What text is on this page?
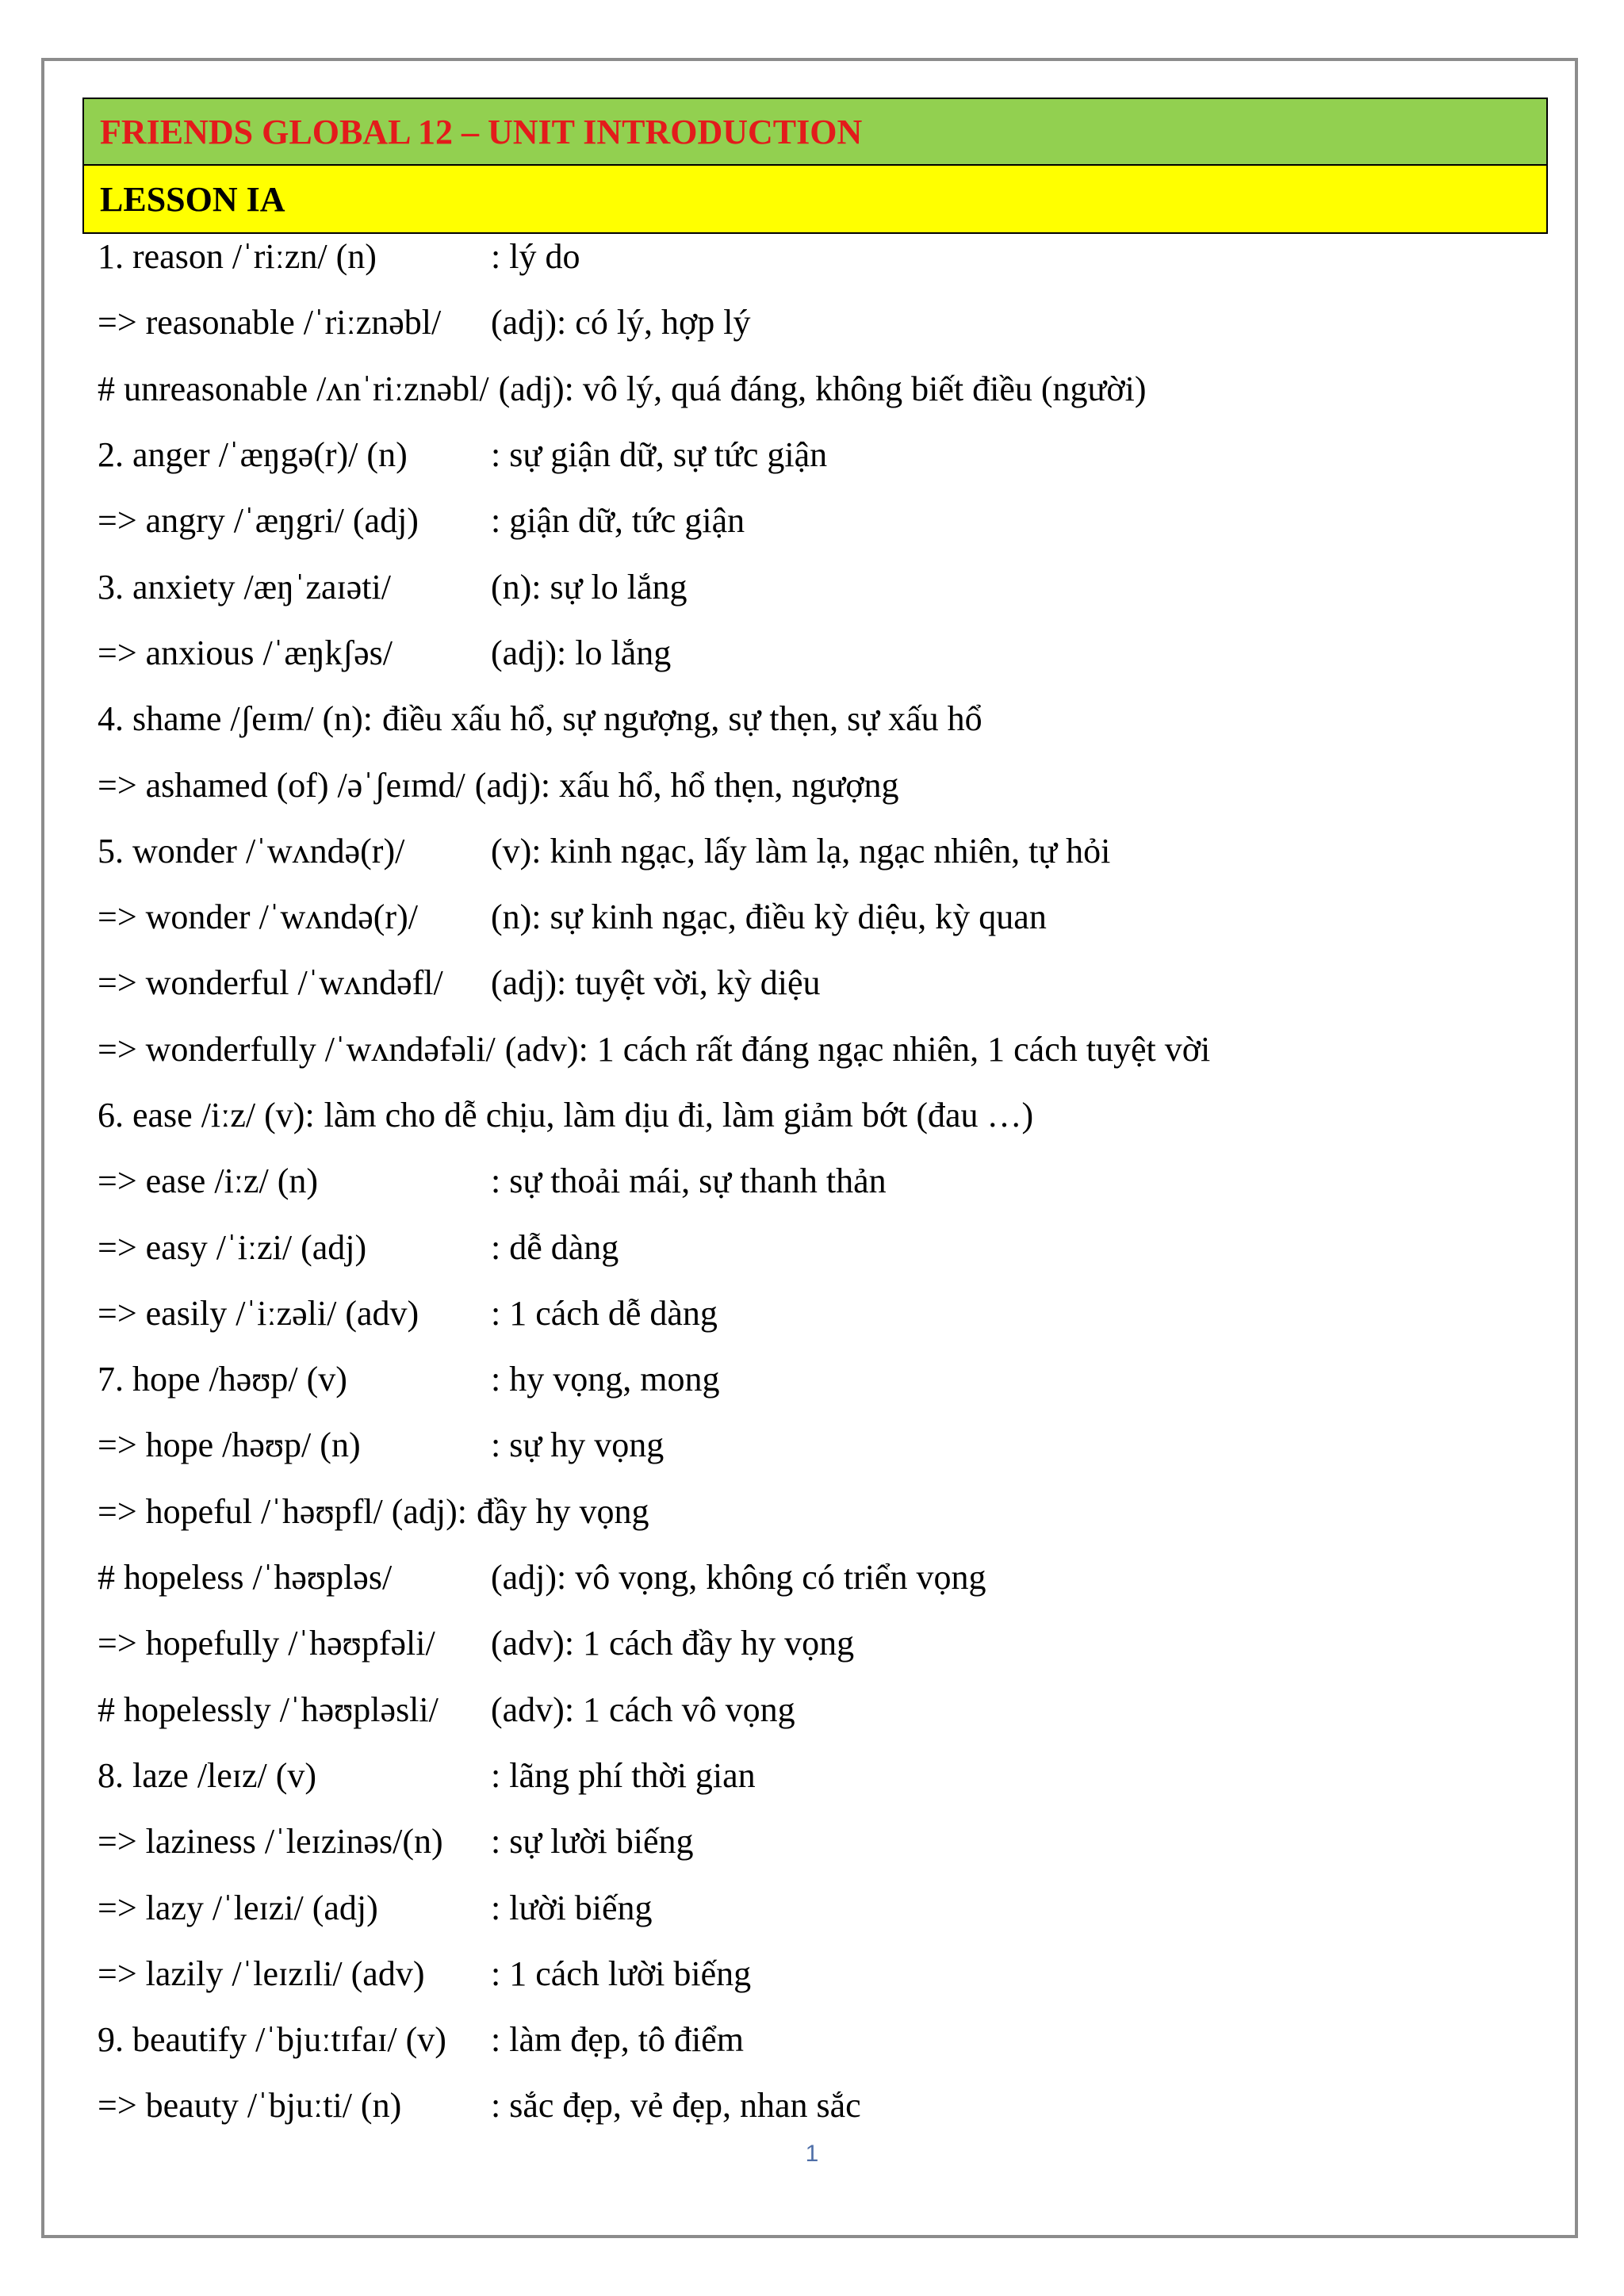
FRIENDS GLOBAL 12 – UNIT INTRODUCTION
LESSON IA
1. reason /ˈriːzn/ (n)	: lý do
=> reasonable /ˈriːznəbl/	(adj): có lý, hợp lý
# unreasonable /ʌnˈriːznəbl/ (adj): vô lý, quá đáng, không biết điều (người)
2. anger /ˈæŋgə(r)/ (n)	: sự giận dữ, sự tức giận
=> angry /ˈæŋgri/ (adj)	: giận dữ, tức giận
3. anxiety /æŋˈzaɪəti/	(n): sự lo lắng
=> anxious /ˈæŋkʃəs/	(adj): lo lắng
4. shame /ʃeɪm/ (n): điều xấu hổ, sự ngượng, sự thẹn, sự xấu hổ
=> ashamed (of) /əˈʃeɪmd/ (adj): xấu hổ, hổ thẹn, ngượng
5. wonder /ˈwʌndə(r)/	(v): kinh ngạc, lấy làm lạ, ngạc nhiên, tự hỏi
=> wonder /ˈwʌndə(r)/	(n): sự kinh ngạc, điều kỳ diệu, kỳ quan
=> wonderful /ˈwʌndəfl/	(adj): tuyệt vời, kỳ diệu
=> wonderfully /ˈwʌndəfəli/ (adv): 1 cách rất đáng ngạc nhiên, 1 cách tuyệt vời
6. ease /iːz/ (v): làm cho dễ chịu, làm dịu đi, làm giảm bớt (đau …)
=> ease /iːz/ (n)	: sự thoải mái, sự thanh thản
=> easy /ˈiːzi/ (adj)	: dễ dàng
=> easily /ˈiːzəli/ (adv)	: 1 cách dễ dàng
7. hope /həʊp/ (v)	: hy vọng, mong
=> hope /həʊp/ (n)	: sự hy vọng
=> hopeful /ˈhəʊpfl/ (adj): đầy hy vọng
# hopeless /ˈhəʊpləs/	(adj): vô vọng, không có triển vọng
=> hopefully /ˈhəʊpfəli/	(adv): 1 cách đầy hy vọng
# hopelessly /ˈhəʊpləsli/	(adv): 1 cách vô vọng
8. laze /leɪz/ (v)	: lãng phí thời gian
=> laziness /ˈleɪzinəs/(n)	: sự lười biếng
=> lazy /ˈleɪzi/ (adj)	: lười biếng
=> lazily /ˈleɪzɪli/ (adv)	: 1 cách lười biếng
9. beautify /ˈbjuːtɪfaɪ/ (v)	: làm đẹp, tô điểm
=> beauty /ˈbjuːti/ (n)	: sắc đẹp, vẻ đẹp, nhan sắc
1
